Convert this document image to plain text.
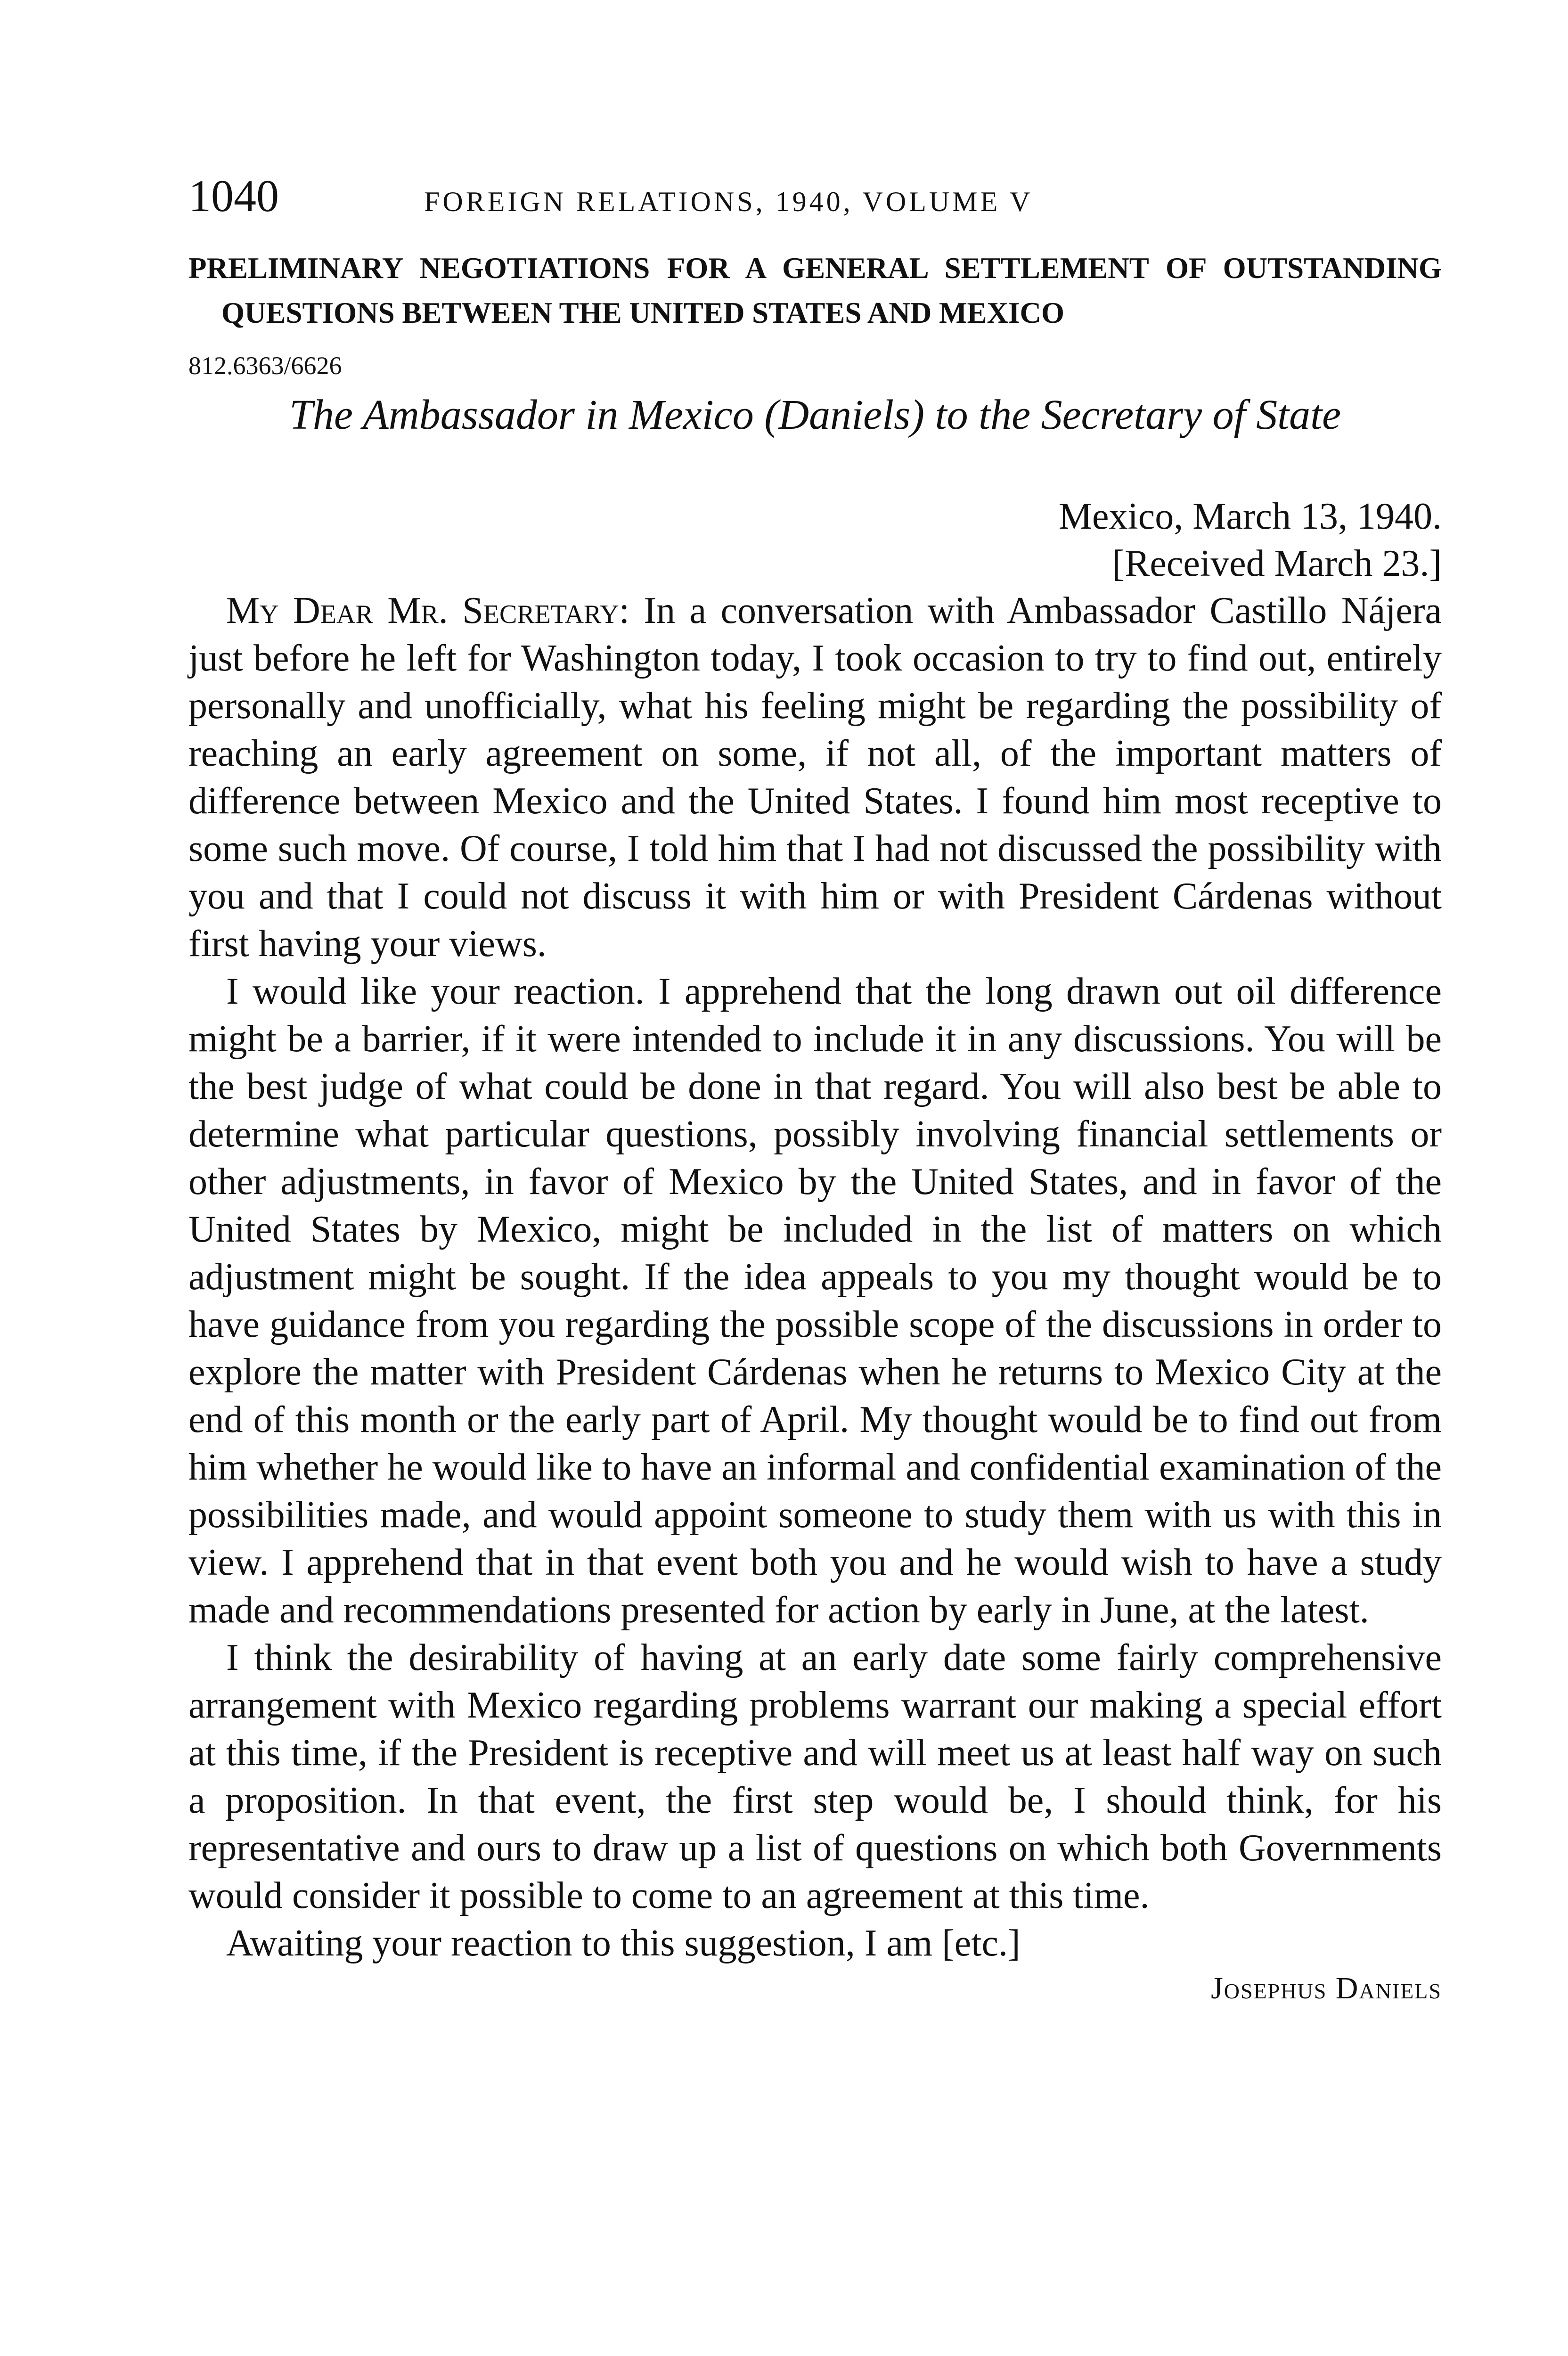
1040	FOREIGN RELATIONS, 1940, VOLUME V
PRELIMINARY NEGOTIATIONS FOR A GENERAL SETTLEMENT OF OUTSTANDING QUESTIONS BETWEEN THE UNITED STATES AND MEXICO
812.6363/6626
The Ambassador in Mexico (Daniels) to the Secretary of State
Mexico, March 13, 1940.
[Received March 23.]

My Dear Mr. Secretary: In a conversation with Ambassador Castillo Nájera just before he left for Washington today, I took occasion to try to find out, entirely personally and unofficially, what his feeling might be regarding the possibility of reaching an early agreement on some, if not all, of the important matters of difference between Mexico and the United States. I found him most receptive to some such move. Of course, I told him that I had not discussed the possibility with you and that I could not discuss it with him or with President Cárdenas without first having your views.

I would like your reaction. I apprehend that the long drawn out oil difference might be a barrier, if it were intended to include it in any discussions. You will be the best judge of what could be done in that regard. You will also best be able to determine what particular questions, possibly involving financial settlements or other adjustments, in favor of Mexico by the United States, and in favor of the United States by Mexico, might be included in the list of matters on which adjustment might be sought. If the idea appeals to you my thought would be to have guidance from you regarding the possible scope of the discussions in order to explore the matter with President Cárdenas when he returns to Mexico City at the end of this month or the early part of April. My thought would be to find out from him whether he would like to have an informal and confidential examination of the possibilities made, and would appoint someone to study them with us with this in view. I apprehend that in that event both you and he would wish to have a study made and recommendations presented for action by early in June, at the latest.

I think the desirability of having at an early date some fairly comprehensive arrangement with Mexico regarding problems warrant our making a special effort at this time, if the President is receptive and will meet us at least half way on such a proposition. In that event, the first step would be, I should think, for his representative and ours to draw up a list of questions on which both Governments would consider it possible to come to an agreement at this time.

Awaiting your reaction to this suggestion, I am [etc.]

Josephus Daniels
